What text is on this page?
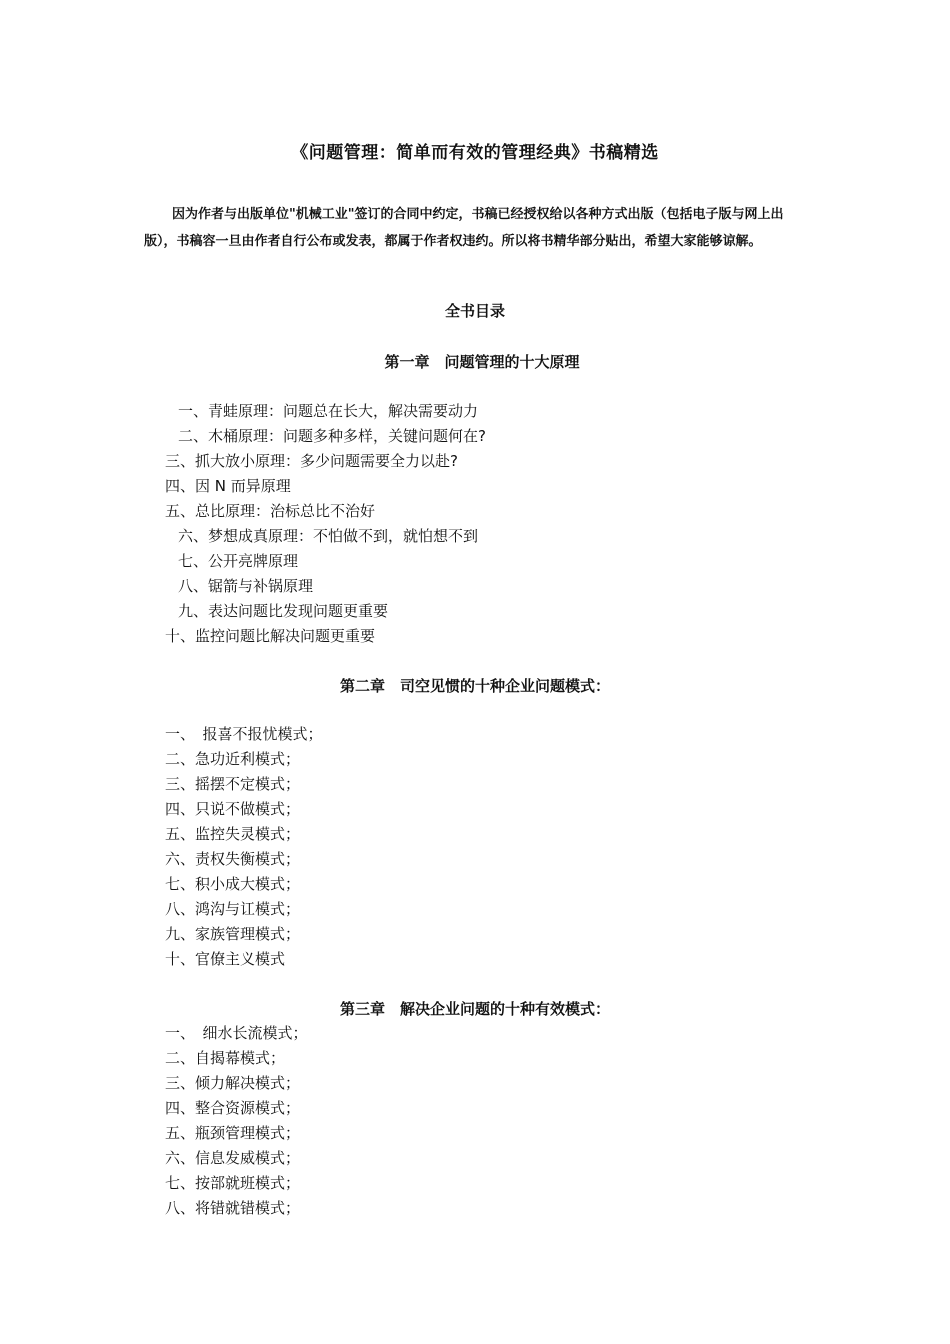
《问题管理：简单而有效的管理经典》书稿精选
因为作者与出版单位"机械工业"签订的合同中约定，书稿已经授权给以各种方式出版（包括电子版与网上出版），书稿容一旦由作者自行公布或发表，都属于作者权违约。所以将书精华部分贴出，希望大家能够谅解。
全书目录
第一章　问题管理的十大原理
一、青蛙原理：问题总在长大，解决需要动力
二、木桶原理：问题多种多样，关键问题何在?
三、抓大放小原理：多少问题需要全力以赴?
四、因 N 而异原理
五、总比原理：治标总比不治好
六、梦想成真原理：不怕做不到，就怕想不到
七、公开亮牌原理
八、锯箭与补锅原理
九、表达问题比发现问题更重要
十、监控问题比解决问题更重要
第二章　司空见惯的十种企业问题模式：
一、　报喜不报忧模式；
二、急功近利模式；
三、摇摆不定模式；
四、只说不做模式；
五、监控失灵模式；
六、责权失衡模式；
七、积小成大模式；
八、鸿沟与讧模式；
九、家族管理模式；
十、官僚主义模式
第三章　解决企业问题的十种有效模式：
一、　细水长流模式；
二、自揭幕模式；
三、倾力解决模式；
四、整合资源模式；
五、瓶颈管理模式；
六、信息发威模式；
七、按部就班模式；
八、将错就错模式；
